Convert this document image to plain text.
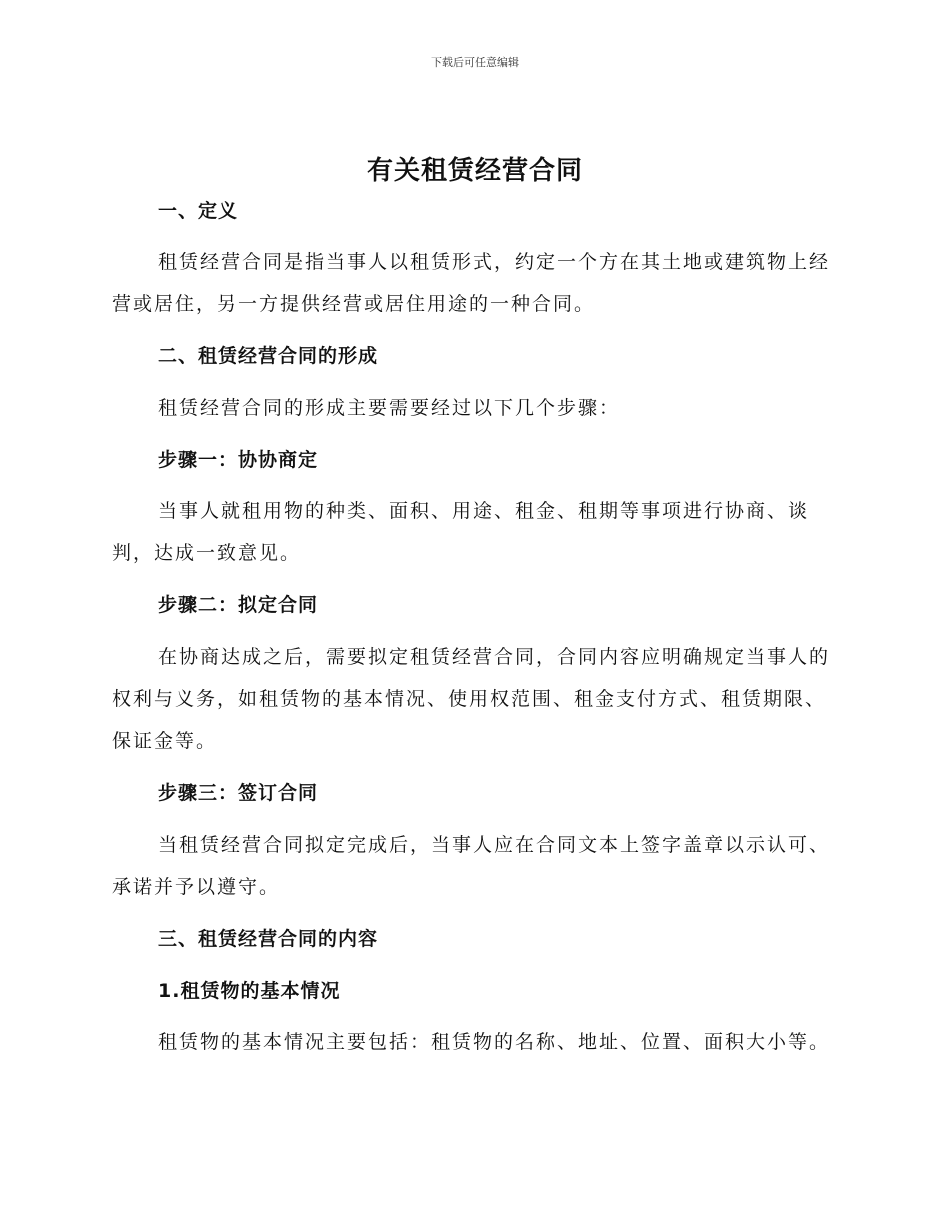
下载后可任意编辑
有关租赁经营合同

一、定义

租赁经营合同是指当事人以租赁形式，约定一个方在其土地或建筑物上经营或居住，另一方提供经营或居住用途的一种合同。

二、租赁经营合同的形成

租赁经营合同的形成主要需要经过以下几个步骤：

步骤一：协协商定

当事人就租用物的种类、面积、用途、租金、租期等事项进行协商、谈判，达成一致意见。

步骤二：拟定合同

在协商达成之后，需要拟定租赁经营合同，合同内容应明确规定当事人的权利与义务，如租赁物的基本情况、使用权范围、租金支付方式、租赁期限、保证金等。

步骤三：签订合同

当租赁经营合同拟定完成后，当事人应在合同文本上签字盖章以示认可、承诺并予以遵守。

三、租赁经营合同的内容

1.租赁物的基本情况

租赁物的基本情况主要包括：租赁物的名称、地址、位置、面积大小等。
